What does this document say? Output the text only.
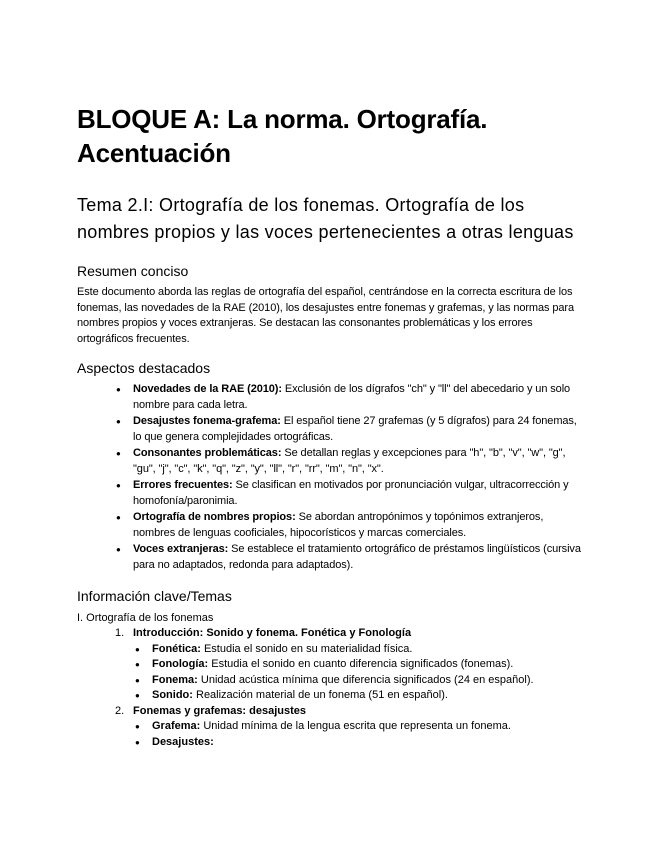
BLOQUE A: La norma. Ortografía. Acentuación
Tema 2.I: Ortografía de los fonemas. Ortografía de los nombres propios y las voces pertenecientes a otras lenguas
Resumen conciso

Este documento aborda las reglas de ortografía del español, centrándose en la correcta escritura de los fonemas, las novedades de la RAE (2010), los desajustes entre fonemas y grafemas, y las normas para nombres propios y voces extranjeras. Se destacan las consonantes problemáticas y los errores ortográficos frecuentes.

Aspectos destacados
● Novedades de la RAE (2010): Exclusión de los dígrafos "ch" y "ll" del abecedario y un solo nombre para cada letra.
● Desajustes fonema-grafema: El español tiene 27 grafemas (y 5 dígrafos) para 24 fonemas, lo que genera complejidades ortográficas.
● Consonantes problemáticas: Se detallan reglas y excepciones para "h", "b", "v", "w", "g", "gu", "j", "c", "k", "q", "z", "y", "ll", "r", "rr", "m", "n", "x".
● Errores frecuentes: Se clasifican en motivados por pronunciación vulgar, ultracorrección y homofonía/paronimia.
● Ortografía de nombres propios: Se abordan antropónimos y topónimos extranjeros, nombres de lenguas cooficiales, hipocorísticos y marcas comerciales.
● Voces extranjeras: Se establece el tratamiento ortográfico de préstamos lingüísticos (cursiva para no adaptados, redonda para adaptados).
Información clave/Temas

I. Ortografía de los fonemas

1. Introducción: Sonido y fonema. Fonética y Fonología
● Fonética: Estudia el sonido en su materialidad física.
● Fonología: Estudia el sonido en cuanto diferencia significados (fonemas).
● Fonema: Unidad acústica mínima que diferencia significados (24 en español).
● Sonido: Realización material de un fonema (51 en español).
2. Fonemas y grafemas: desajustes
● Grafema: Unidad mínima de la lengua escrita que representa un fonema.
● Desajustes:
